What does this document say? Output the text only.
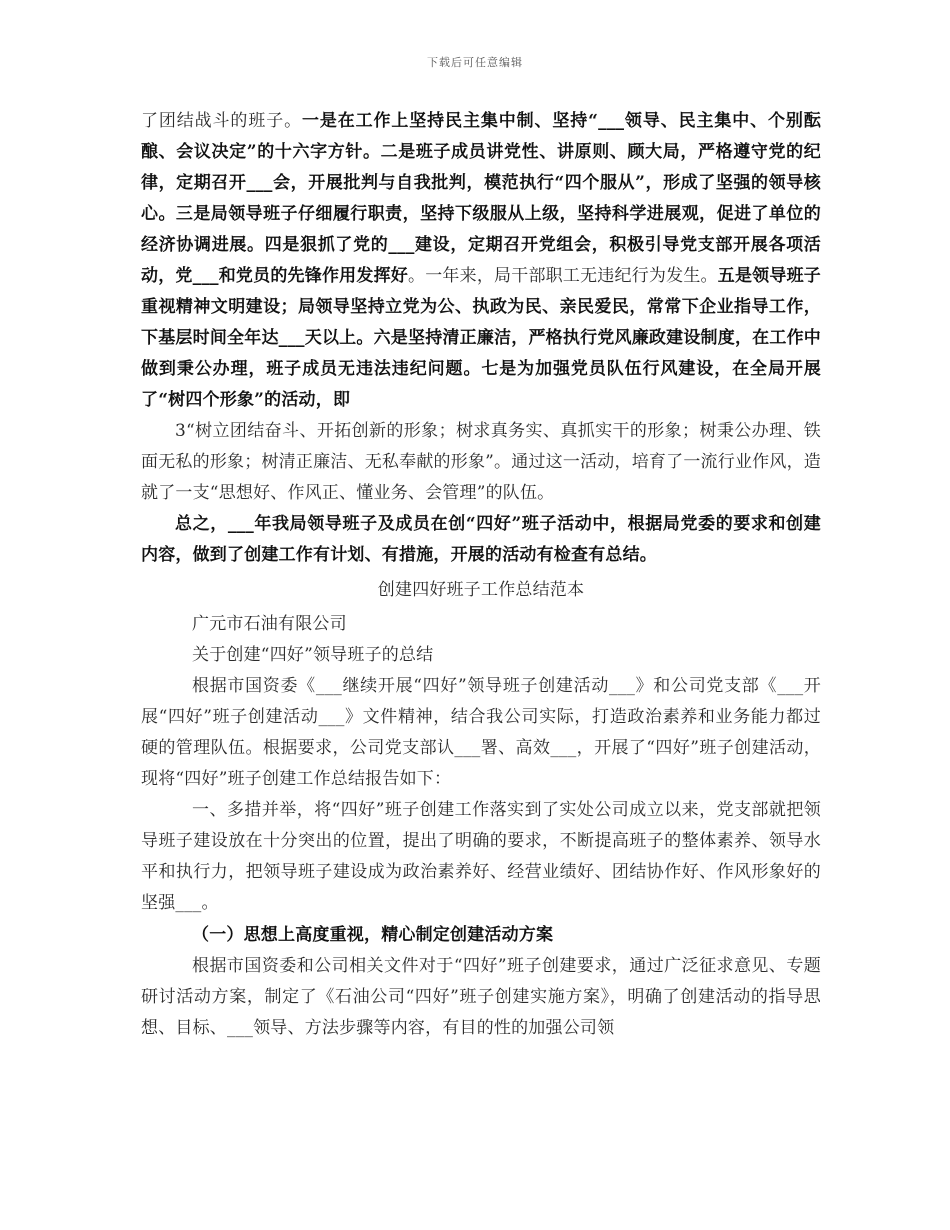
下载后可任意编辑

了团结战斗的班子。一是在工作上坚持民主集中制、坚持“___领导、民主集中、个别酝酿、会议决定”的十六字方针。二是班子成员讲党性、讲原则、顾大局，严格遵守党的纪律，定期召开___会，开展批判与自我批判，模范执行“四个服从”，形成了坚强的领导核心。三是局领导班子仔细履行职责，坚持下级服从上级，坚持科学进展观，促进了单位的经济协调进展。四是狠抓了党的___建设，定期召开党组会，积极引导党支部开展各项活动，党___和党员的先锋作用发挥好。一年来，局干部职工无违纪行为发生。五是领导班子重视精神文明建设；局领导坚持立党为公、执政为民、亲民爱民，常常下企业指导工作，下基层时间全年达___天以上。六是坚持清正廉洁，严格执行党风廉政建设制度，在工作中做到秉公办理，班子成员无违法违纪问题。七是为加强党员队伍行风建设，在全局开展了“树四个形象”的活动，即

3“树立团结奋斗、开拓创新的形象；树求真务实、真抓实干的形象；树秉公办理、铁面无私的形象；树清正廉洁、无私奉献的形象”。通过这一活动，培育了一流行业作风，造就了一支“思想好、作风正、懂业务、会管理”的队伍。

总之，___年我局领导班子及成员在创“四好”班子活动中，根据局党委的要求和创建内容，做到了创建工作有计划、有措施，开展的活动有检查有总结。

创建四好班子工作总结范本

广元市石油有限公司

关于创建“四好”领导班子的总结

根据市国资委《___继续开展“四好”领导班子创建活动___》和公司党支部《___开展“四好”班子创建活动___》文件精神，结合我公司实际，打造政治素养和业务能力都过硬的管理队伍。根据要求，公司党支部认___署、高效___，开展了“四好”班子创建活动，现将“四好”班子创建工作总结报告如下：

一、多措并举，将“四好”班子创建工作落实到了实处公司成立以来，党支部就把领导班子建设放在十分突出的位置，提出了明确的要求，不断提高班子的整体素养、领导水平和执行力，把领导班子建设成为政治素养好、经营业绩好、团结协作好、作风形象好的坚强___。

（一）思想上高度重视，精心制定创建活动方案

根据市国资委和公司相关文件对于“四好”班子创建要求，通过广泛征求意见、专题研讨活动方案，制定了《石油公司“四好”班子创建实施方案》，明确了创建活动的指导思想、目标、___领导、方法步骤等内容，有目的性的加强公司领
